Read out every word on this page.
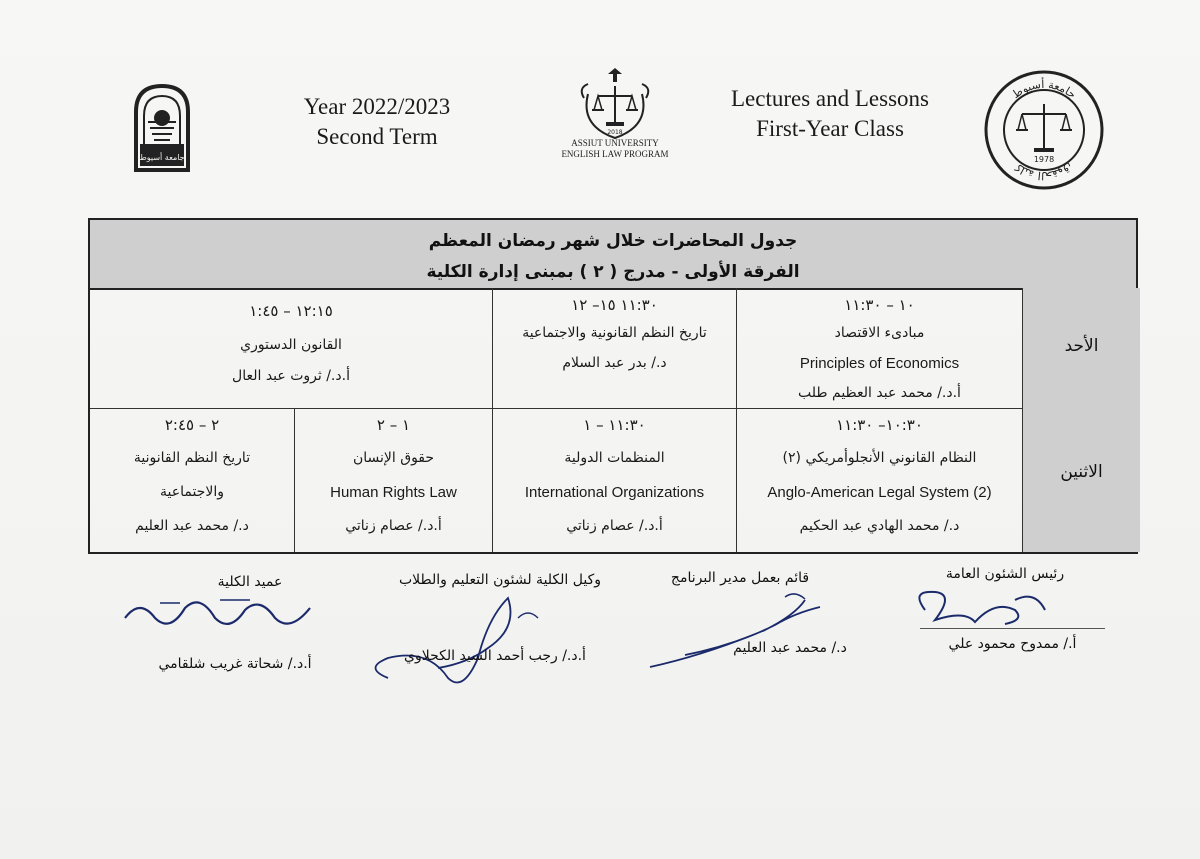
جامعة أسيوط
Year 2022/2023
Second Term	2018
ASSIUT UNIVERSITY
ENGLISH LAW PROGRAM
Lectures and Lessons
First-Year Class
جامعة أسيوط
كلية الحقوق
1978
جدول المحاضرات خلال شهر رمضان المعظم
الفرقة الأولى - مدرج ( ٢ ) بمبنى إدارة الكلية
الأحد
١٠ – ١١:٣٠
مبادىء الاقتصاد
Principles of Economics
أ.د./ محمد عبد العظيم طلب
١١:٣٠ ١٥– ١٢
تاريخ النظم القانونية والاجتماعية
د./ بدر عبد السلام
١٢:١٥ – ١:٤٥
القانون الدستوري
أ.د./ ثروت عبد العال
الاثنين
١٠:٣٠– ١١:٣٠
النظام القانوني الأنجلوأمريكي (٢)
Anglo-American Legal System (2)
د./ محمد الهادي عبد الحكيم
١١:٣٠ – ١
المنظمات الدولية
International Organizations
أ.د./ عصام زناتي
١ – ٢
حقوق الإنسان
Human Rights Law
أ.د./ عصام زناتي
٢ – ٢:٤٥
تاريخ النظم القانونية
والاجتماعية
د./ محمد عبد العليم
رئيس الشئون العامة
أ./ ممدوح محمود علي
قائم بعمل مدير البرنامج
د./ محمد عبد العليم
وكيل الكلية لشئون التعليم والطلاب
أ.د./ رجب أحمد السيد الكحلاوي
عميد الكلية
أ.د./ شحاتة غريب شلقامي
